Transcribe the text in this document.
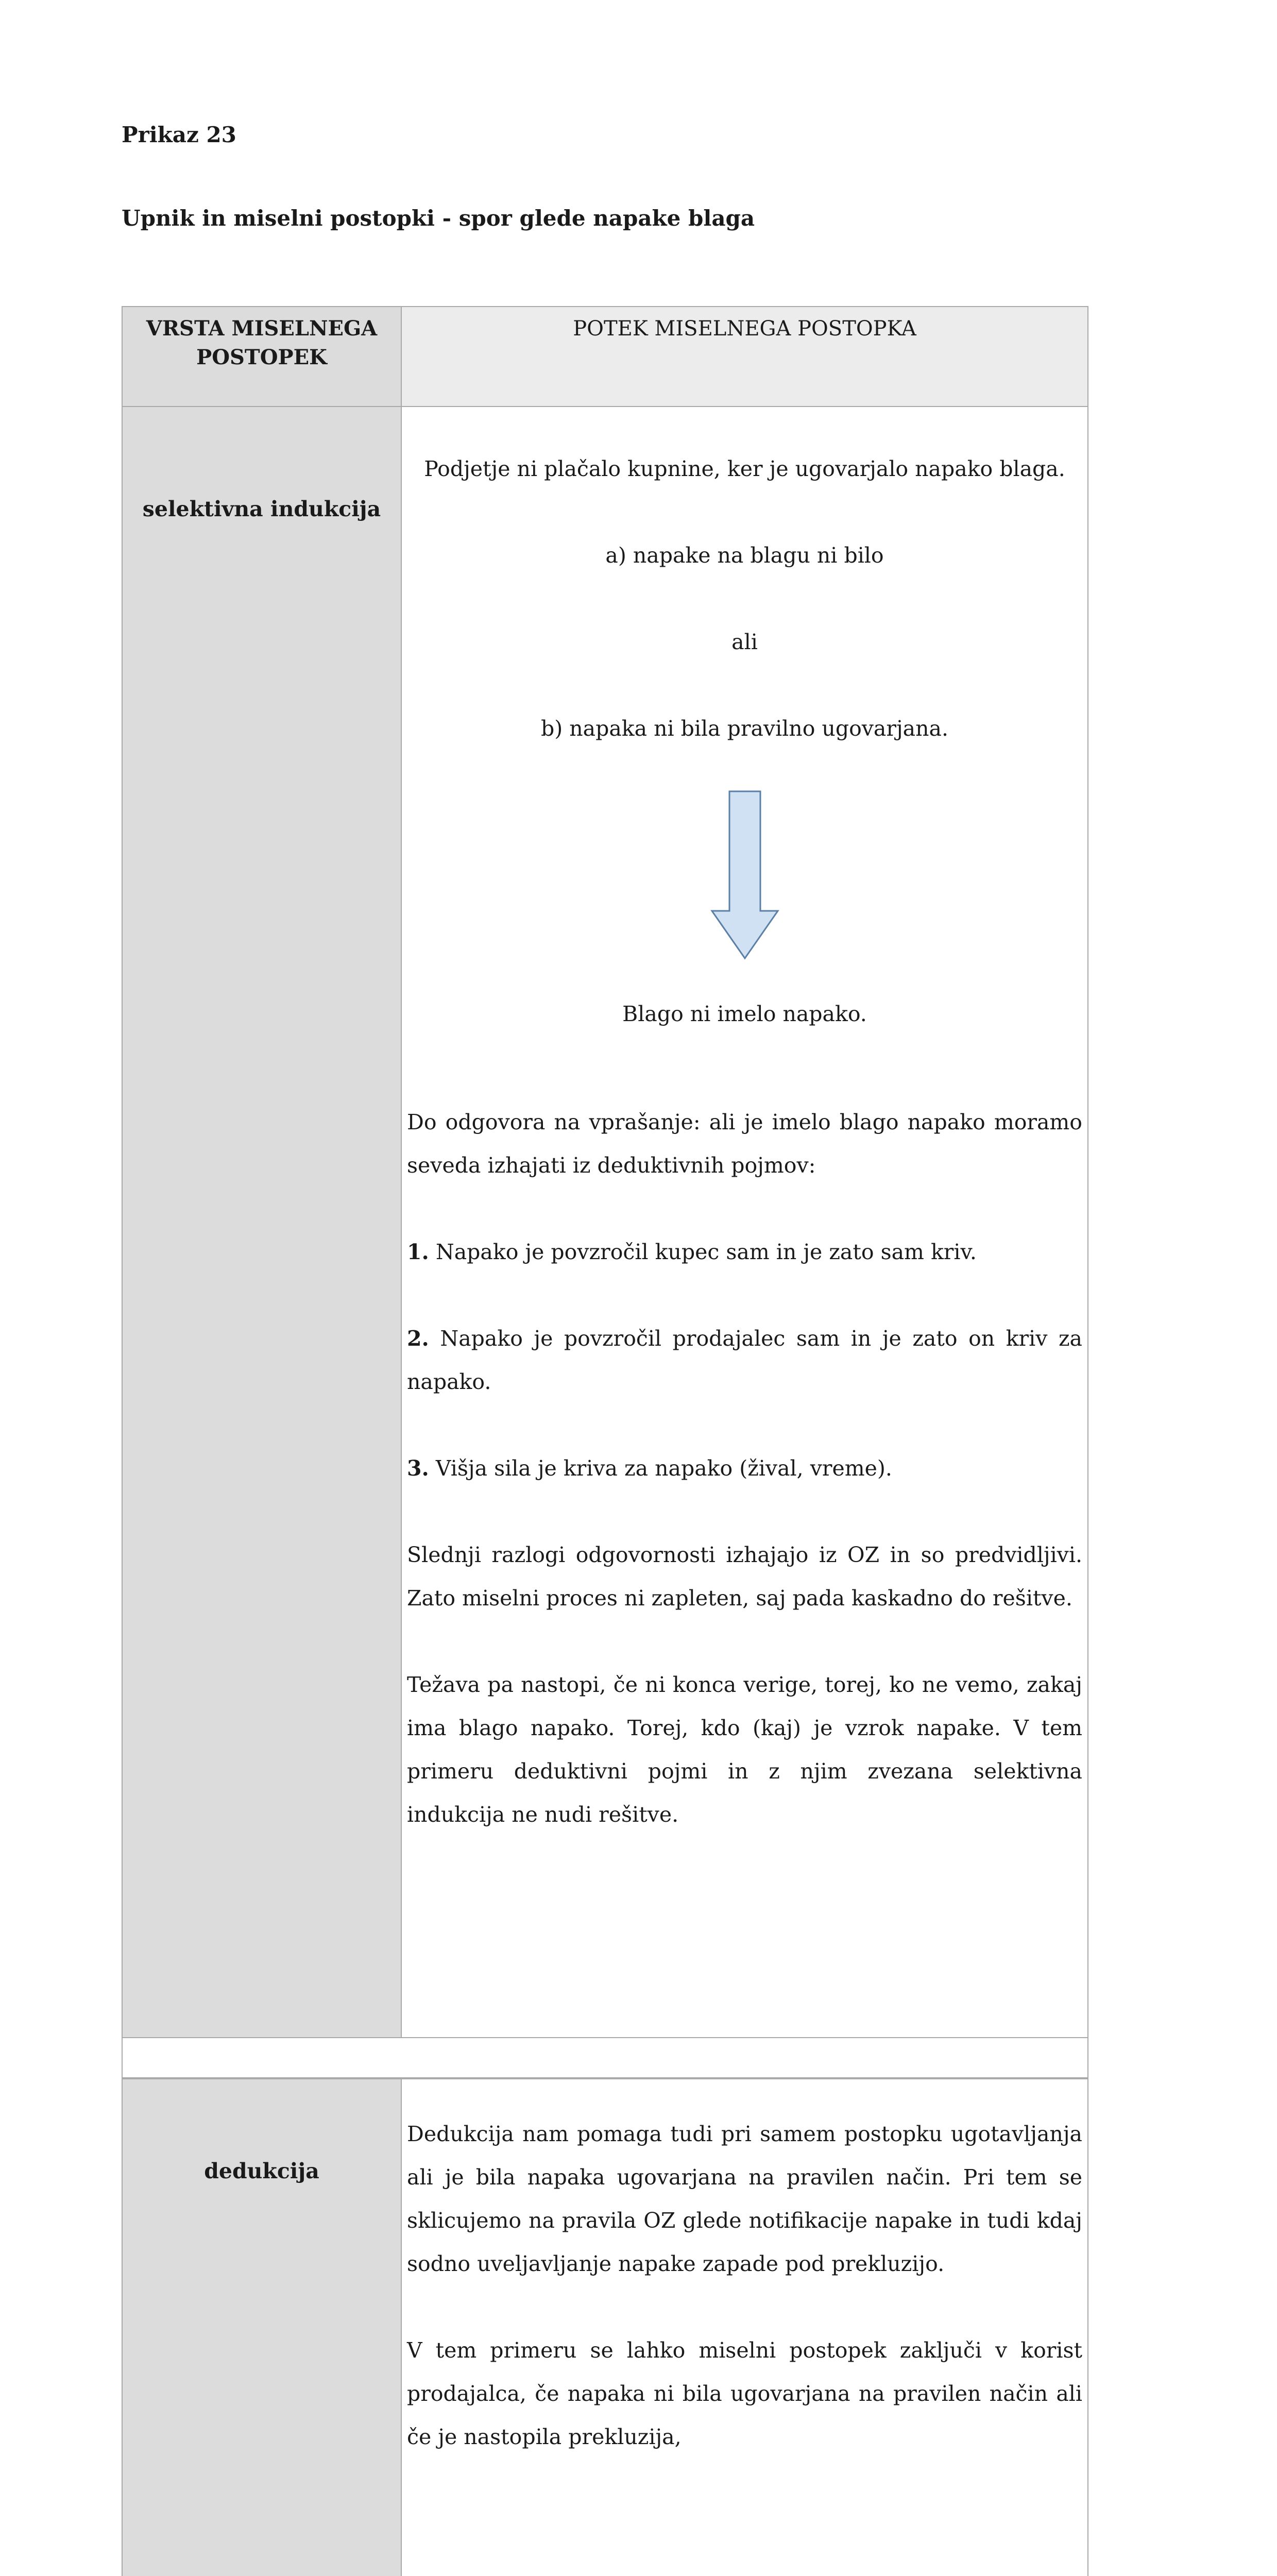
Prikaz 23

Upnik in miselni postopki - spor glede napake blaga

VRSTA MISELNEGA POSTOPEK
POTEK MISELNEGA POSTOPKA
selektivna indukcija

Podjetje ni plačalo kupnine, ker je ugovarjalo napako blaga.

a) napake na blagu ni bilo

ali

b) napaka ni bila pravilno ugovarjana.

Blago ni imelo napako.

Do odgovora na vprašanje: ali je imelo blago napako moramo seveda izhajati iz deduktivnih pojmov:

1. Napako je povzročil kupec sam in je zato sam kriv.

2. Napako je povzročil prodajalec sam in je zato on kriv za napako.

3. Višja sila je kriva za napako (žival, vreme).

Slednji razlogi odgovornosti izhajajo iz OZ in so predvidljivi. Zato miselni proces ni zapleten, saj pada kaskadno do rešitve.

Težava pa nastopi, če ni konca verige, torej, ko ne vemo, zakaj ima blago napako. Torej, kdo (kaj) je vzrok napake. V tem primeru deduktivni pojmi in z njim zvezana selektivna indukcija ne nudi rešitve.

dedukcija

Dedukcija nam pomaga tudi pri samem postopku ugotavljanja ali je bila napaka ugovarjana na pravilen način. Pri tem se sklicujemo na pravila OZ glede notifikacije napake in tudi kdaj sodno uveljavljanje napake zapade pod prekluzijo.

V tem primeru se lahko miselni postopek zaključi v korist prodajalca, če napaka ni bila ugovarjana na pravilen način ali če je nastopila prekluzija,
